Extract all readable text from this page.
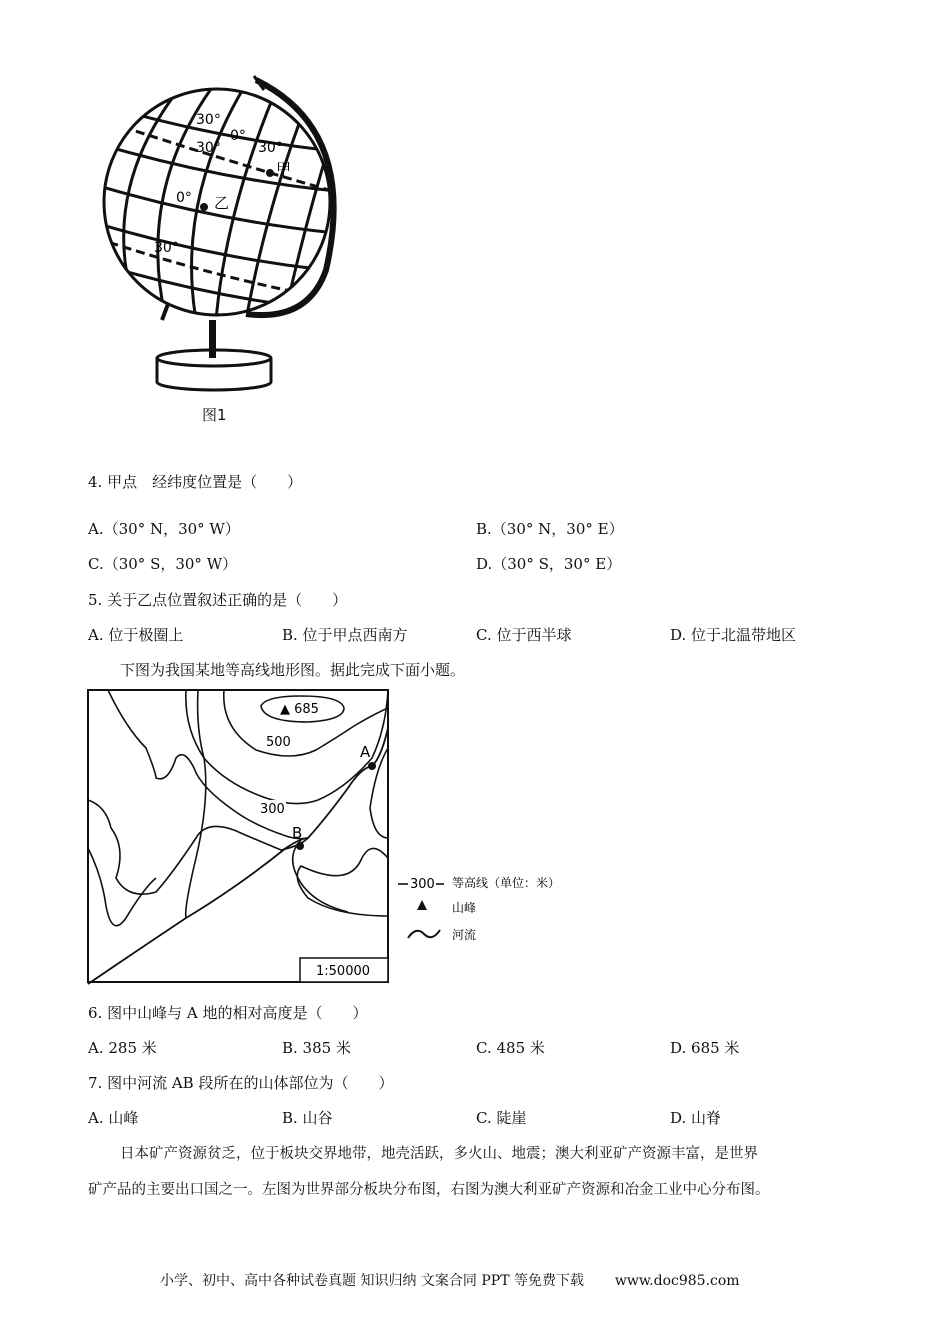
30°
30°
0°
30°
甲
0° 乙
30°
图1
4. 甲点　经纬度位置是（　　）
A.（30° N，30° W）	B.（30° N，30° E）
C.（30° S，30° W）	D.（30° S，30° E）
5. 关于乙点位置叙述正确的是（　　）
A. 位于极圈上	B. 位于甲点西南方	C. 位于西半球	D. 位于北温带地区
下图为我国某地等高线地形图。据此完成下面小题。
500
300
▲ 685
A
B
1:50000
300 等高线（单位：米）
山峰
河流
6. 图中山峰与 A 地的相对高度是（　　）
A. 285 米	B. 385 米	C. 485 米	D. 685 米
7. 图中河流 AB 段所在的山体部位为（　　）
A. 山峰	B. 山谷	C. 陡崖	D. 山脊
日本矿产资源贫乏，位于板块交界地带，地壳活跃，多火山、地震；澳大利亚矿产资源丰富，是世界
矿产品的主要出口国之一。左图为世界部分板块分布图，右图为澳大利亚矿产资源和冶金工业中心分布图。
小学、初中、高中各种试卷真题 知识归纳 文案合同 PPT 等免费下载 www.doc985.com
